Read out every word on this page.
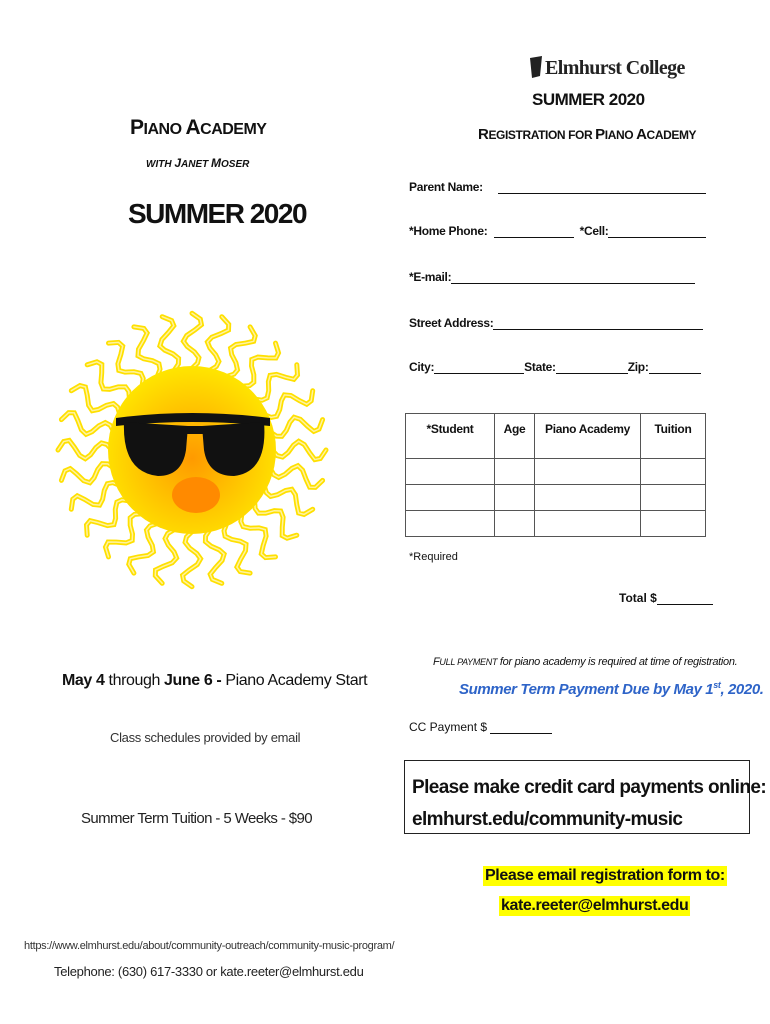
PIANO ACADEMY
WITH JANET MOSER
SUMMER 2020
May 4 through June 6 - Piano Academy Start
Class schedules provided by email
Summer Term Tuition - 5 Weeks - $90
https://www.elmhurst.edu/about/community-outreach/community-music-program/
Telephone: (630) 617-3330 or kate.reeter@elmhurst.edu
Elmhurst College
SUMMER 2020
REGISTRATION FOR PIANO ACADEMY
Parent Name:
*Home Phone:	*Cell:
*E-mail:
Street Address:
City:	State:	Zip:
*Student	Age	Piano Academy	Tuition

*Required
Total $
FULL PAYMENT for piano academy is required at time of registration.
Summer Term Payment Due by May 1st, 2020.
CC Payment $
Please make credit card payments online:
elmhurst.edu/community-music
Please email registration form to:
kate.reeter@elmhurst.edu
